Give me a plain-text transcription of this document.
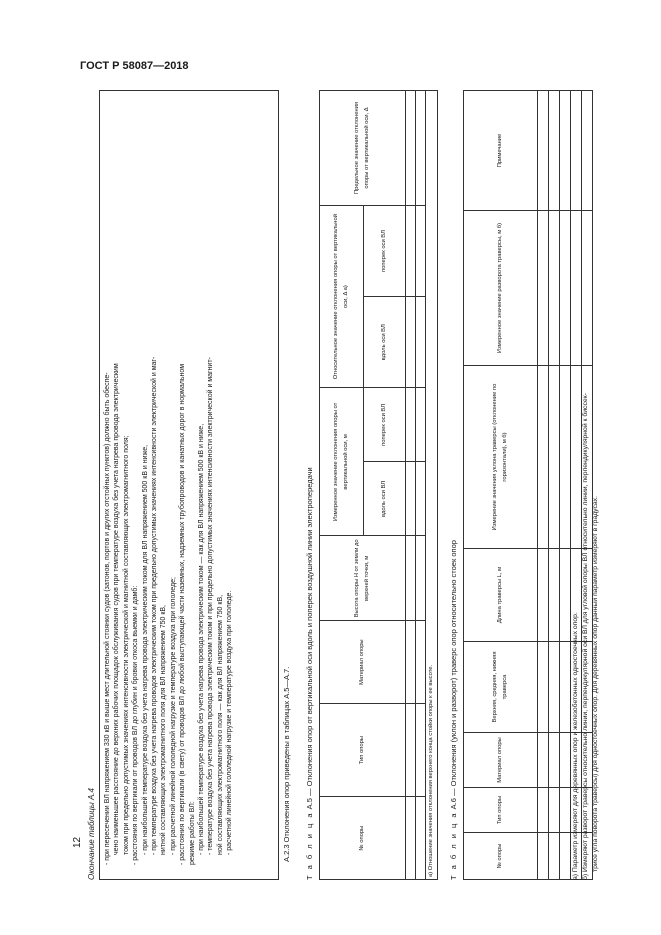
ГОСТ Р 58087—2018
12 Окончание таблицы А.4 - при пересечении ВЛ напряжением 330 кВ и выше мест длительной стоянки судов (затонов, портов и других отстойных пунктов) должно быть обеспе- чено наименьшее расстояние до верхних рабочих площадок обслуживания судов при температуре воздуха без учета нагрева провода электрическим током при предельно допустимых значениях интенсивности электрической и магнитной составляющих электромагнитного поля; - расстояния по вертикали от проводов ВЛ до глубин и бровки откоса выемки и дамб: - при наибольшей температуре воздуха без учета нагрева провода электрическим током для ВЛ напряжением 500 кВ и ниже, - при температуре воздуха без учета нагрева проводов электрическим током при предельно допустимых значениях интенсивности электрической и маг- нитной составляющих электромагнитного поля для ВЛ напряжением 750 кВ, - при расчетной линейной гололедной нагрузке и температуре воздуха при гололеде; - расстояния по вертикали (в свету) от проводов ВЛ до любой выступающей части наземных, надземных трубопроводов и канатных дорог в нормальном режиме работы ВЛ: - при наибольшей температуре воздуха без учета нагрева провода электрическим током — как для ВЛ напряжением 500 кВ и ниже, - температуре воздуха без учета нагрева провода электрическим током и при предельно допустимых значениях интенсивности электрической и магнит- ной составляющих электромагнитного поля — как для ВЛ напряжением 750 кВ, - расчетной линейной гололедной нагрузке и температуре воздуха при гололеде.	А.2.3 Отклонения опор приведены в таблицах А.5—А.7. Т а б л и ц а А.5 — Отклонения опор от вертикальной оси вдоль и поперек воздушной линии электропередачи
№ опоры	Тип опоры	Материал опоры	Высота опоры H от земли до верхней точки, м	Измеренное значение отклонения опоры от вертикальной оси, м		Относительное значение отклонения опоры от вертикальной оси, Δ а)		Предельное значение отклонения опоры от вертикальной оси, Δ
				вдоль оси ВЛ	поперек оси ВЛ	вдоль оси ВЛ	поперек оси ВЛ	

а) Отношение значения отклонения верхнего конца стойки опоры к ее высоте.								Т а б л и ц а А.6 — Отклонения (уклон и разворот) траверс опор относительно стоек опор
№ опоры	Тип опоры	Материал опоры	Верхняя, средняя, нижняя траверса	Длина траверсы L, м	Измерение значения уклона траверсы (отклонение по горизонтали), м б)	Измеренное значение разворота траверсы, м б)	Примечание

а) Параметр измеряют для деревянных опор и железобетонных одностоечных опор. б) Измеряют разворот траверсы относительно линии, перпендикулярной оси ВЛ для угловой опоры ВЛ относительно линии, перпендикулярной к биссек- трисе угла поворота траверсы) для одностоечных опор. Для деревянных опор данный параметр измеряют в градусах.
